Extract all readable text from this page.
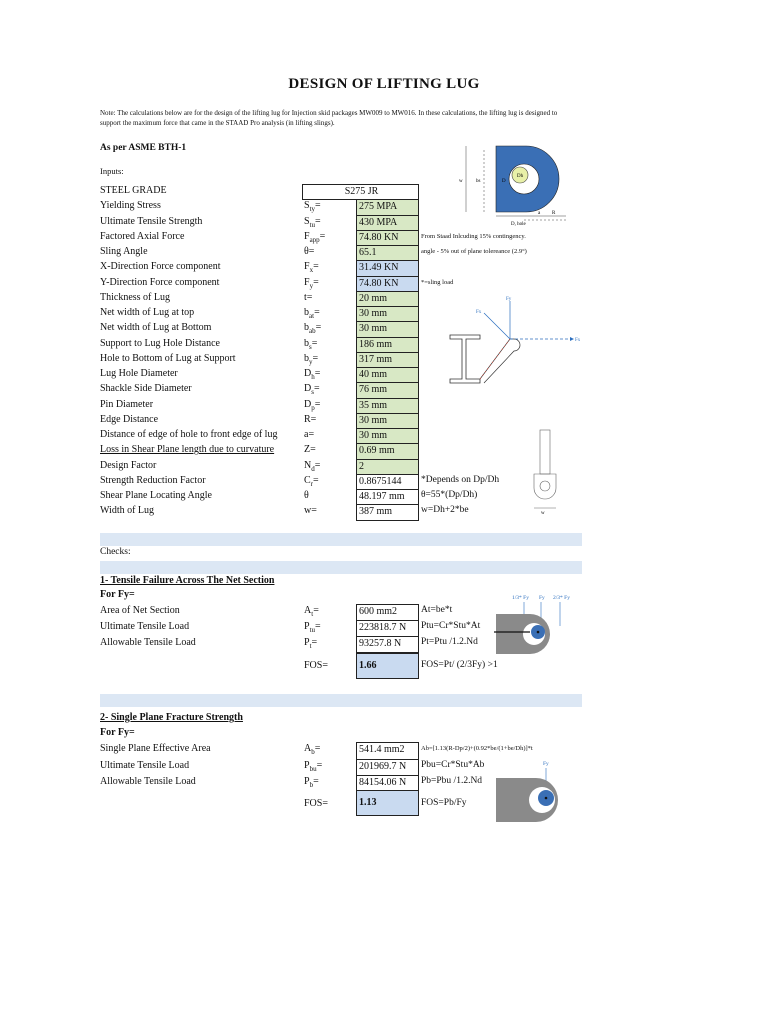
DESIGN OF LIFTING LUG
Note: The calculations below are for the design of the lifting lug for Injection skid packages MW009 to MW016. In these calculations, the lifting lug is designed to support the maximum force that came in the STAAD Pro analysis (in lifting slings).
As per ASME BTH-1
Inputs:
STEEL GRADE	S275 JR
Yielding Stress	$S_{ty}=$	275 MPA
Ultimate Tensile Strength	$S_{tu}=$	430 MPA
Factored Axial Force	$F_{app}=$	74.80 KN	From Staad Inlcuding 15% contingency.
Sling Angle	θ=	65.1	angle - 5% out of plane tolereance (2.9°)
X-Direction Force component	$F_x=$	31.49 KN
Y-Direction Force component	$F_y=$	74.80 KN	*=sling load
Thickness of Lug	t=	20 mm
Net width of Lug at top	$b_{at}=$	30 mm
Net width of Lug at Bottom	$b_{ab}=$	30 mm
Support to Lug Hole Distance	$b_s=$	186 mm
Hole to Bottom of Lug at Support	$b_y=$	317 mm
Lug Hole Diameter	$D_h=$	40 mm
Shackle Side Diameter	$D_s=$	76 mm
Pin Diameter	$D_p=$	35 mm
Edge Distance	R=	30 mm
Distance of edge of hole to front edge of lug	a=	30 mm
Loss in Shear Plane length due to curvature	Z=	0.69 mm
Design Factor	$N_d=$	2
Strength Reduction Factor	$C_r=$	0.8675144	*Depends on Dp/Dh
Shear Plane Locating Angle	θ	48.197 mm	θ=55*(Dp/Dh)
Width of Lug	w=	387 mm	w=Dh+2*be
Dh
w	bs	D
a R
D, hole
Fy
Fx
Fx
w
Checks:
1- Tensile Failure Across The Net Section
For Fy=
Area of Net Section	$A_t=$	600 mm2	At=be*t
Ultimate Tensile Load	$P_{tu}=$	223818.7 N	Ptu=Cr*Stu*At
Allowable Tensile Load	$P_t=$	93257.8 N	Pt=Ptu /1.2.Nd
FOS=	1.66	FOS=Pt/ (2/3Fy) >1
1/3* Fy Fy 2/3* Fy
2- Single Plane Fracture Strength
For Fy=
Single Plane Effective Area	$A_b=$	541.4 mm2	Ab=[1.13(R-Dp/2)+(0.92*be/(1+be/Dh)]*t
Ultimate Tensile Load	$P_{bu}=$	201969.7 N	Pbu=Cr*Stu*Ab
Allowable Tensile Load	$P_b=$	84154.06 N	Pb=Pbu /1.2.Nd
FOS=	1.13	FOS=Pb/Fy
Fy
